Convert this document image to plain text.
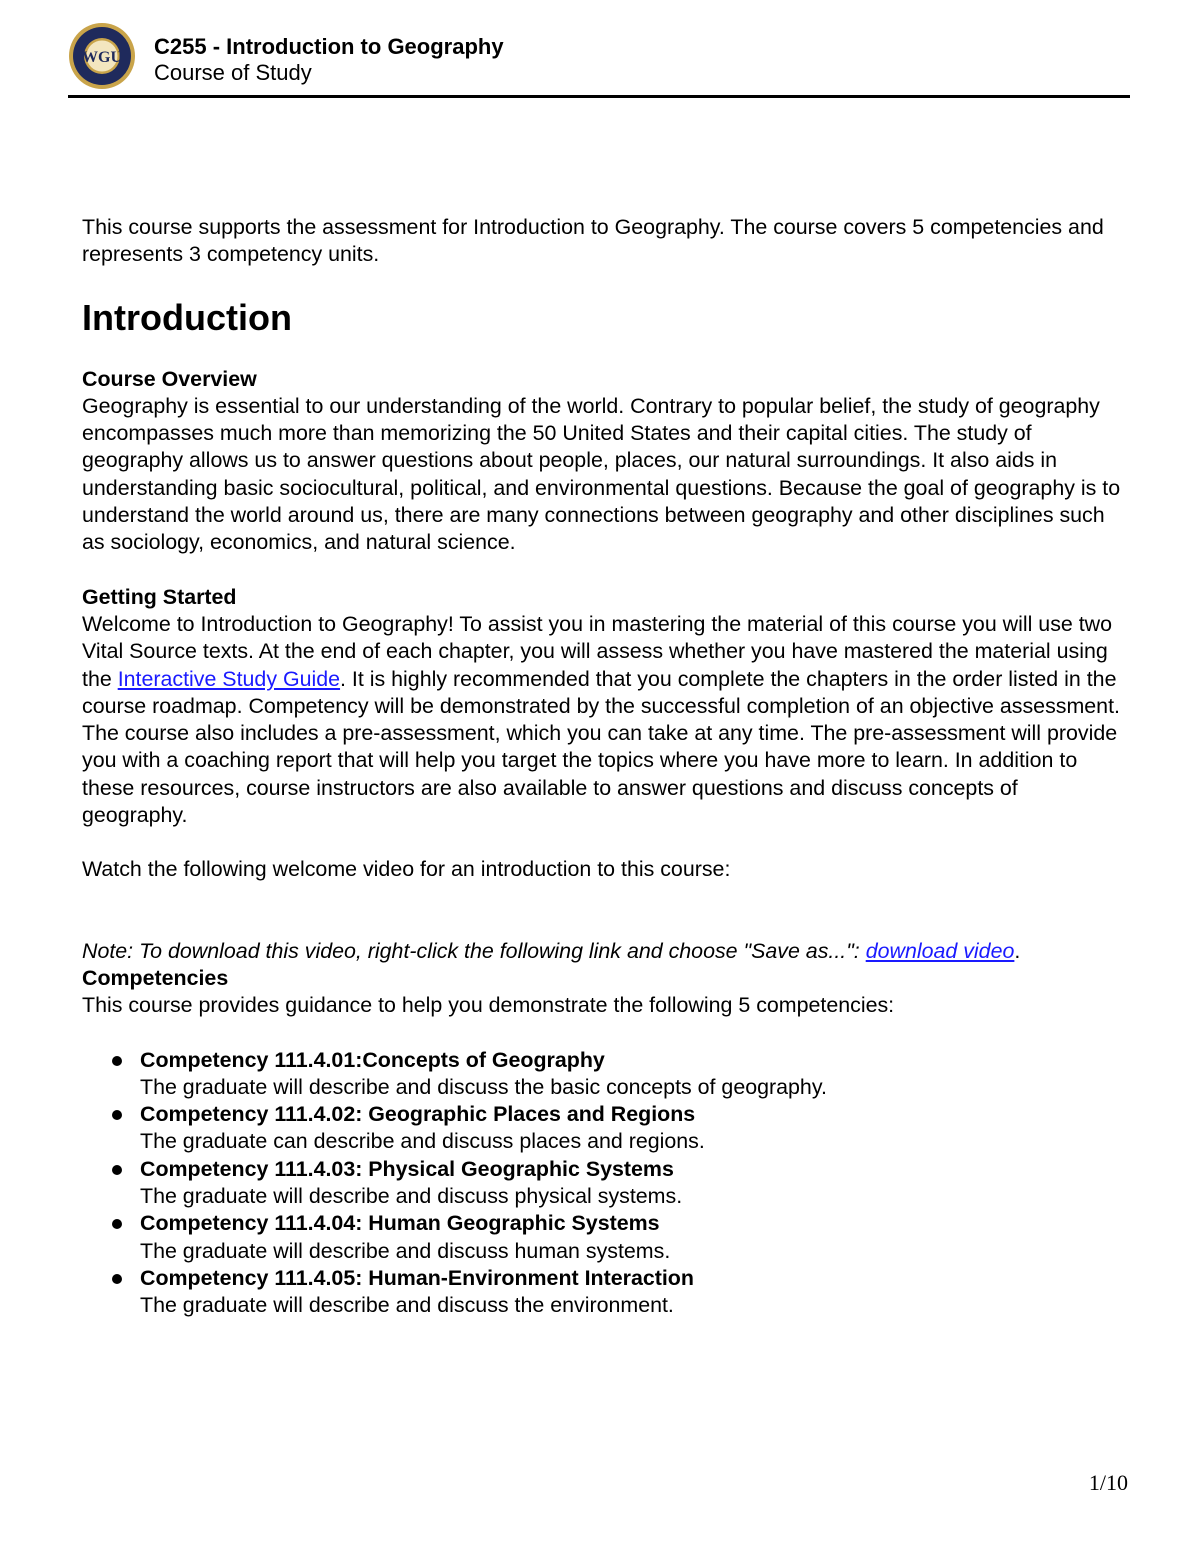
WGU C255 - Introduction to Geography
Course of Study

This course supports the assessment for Introduction to Geography. The course covers 5 competencies and represents 3 competency units.

Introduction
Course Overview

Geography is essential to our understanding of the world. Contrary to popular belief, the study of geography encompasses much more than memorizing the 50 United States and their capital cities. The study of geography allows us to answer questions about people, places, our natural surroundings. It also aids in understanding basic sociocultural, political, and environmental questions. Because the goal of geography is to understand the world around us, there are many connections between geography and other disciplines such as sociology, economics, and natural science.

Getting Started

Welcome to Introduction to Geography! To assist you in mastering the material of this course you will use two Vital Source texts. At the end of each chapter, you will assess whether you have mastered the material using the Interactive Study Guide. It is highly recommended that you complete the chapters in the order listed in the course roadmap. Competency will be demonstrated by the successful completion of an objective assessment. The course also includes a pre-assessment, which you can take at any time. The pre-assessment will provide you with a coaching report that will help you target the topics where you have more to learn. In addition to these resources, course instructors are also available to answer questions and discuss concepts of geography.

Watch the following welcome video for an introduction to this course:

Note: To download this video, right-click the following link and choose "Save as...": download video.

Competencies

This course provides guidance to help you demonstrate the following 5 competencies:

Competency 111.4.01:Concepts of Geography
The graduate will describe and discuss the basic concepts of geography.
Competency 111.4.02: Geographic Places and Regions
The graduate can describe and discuss places and regions.
Competency 111.4.03: Physical Geographic Systems
The graduate will describe and discuss physical systems.
Competency 111.4.04: Human Geographic Systems
The graduate will describe and discuss human systems.
Competency 111.4.05: Human-Environment Interaction
The graduate will describe and discuss the environment.
1/10
